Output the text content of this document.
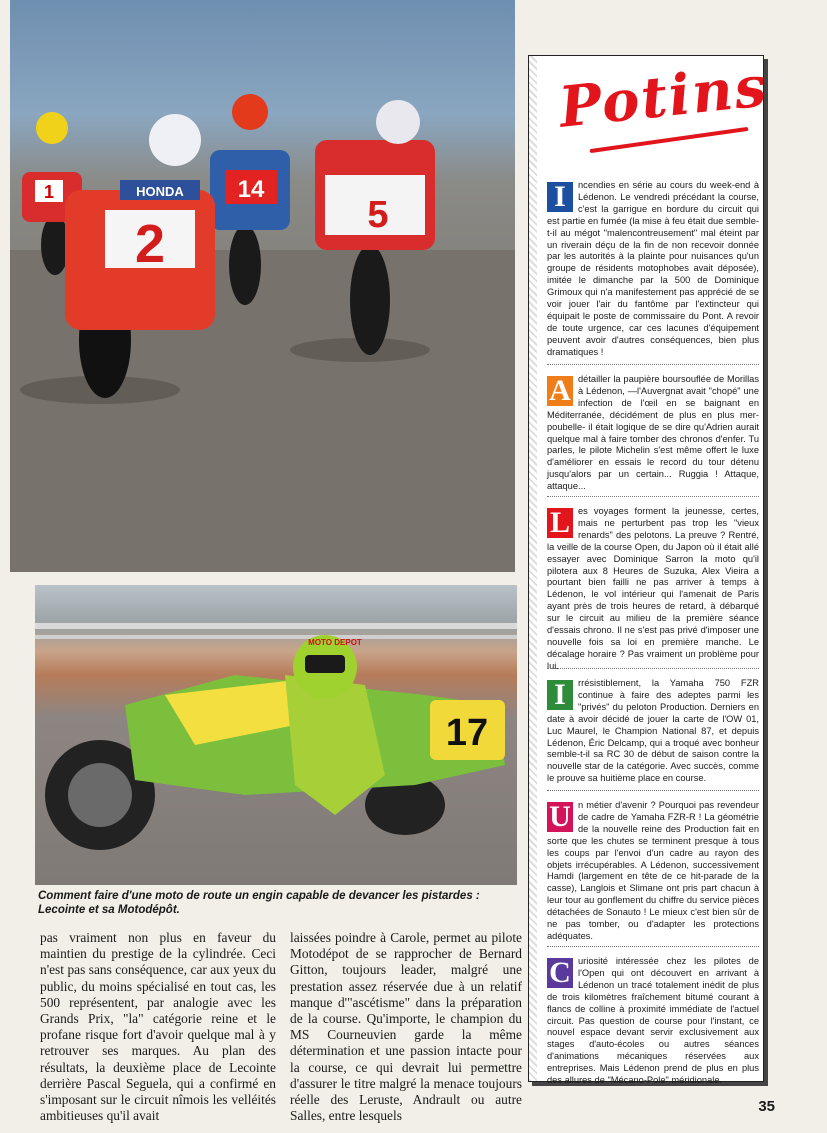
1	14
5
HONDA
2
17
MOTO DEPOT
Comment faire d'une moto de route un engin capable de devancer les pistardes : Lecointe et sa Motodépôt.
pas vraiment non plus en faveur du maintien du prestige de la cylindrée. Ceci n'est pas sans conséquence, car aux yeux du public, du moins spécialisé en tout cas, les 500 représentent, par analogie avec les Grands Prix, "la" catégorie reine et le profane risque fort d'avoir quelque mal à y retrouver ses marques. Au plan des résultats, la deuxième place de Lecointe derrière Pascal Seguela, qui a confirmé en s'imposant sur le circuit nîmois les velléités ambitieuses qu'il avait
laissées poindre à Carole, permet au pilote Motodépot de se rapprocher de Bernard Gitton, toujours leader, malgré une prestation assez réservée due à un relatif manque d'"ascétisme" dans la préparation de la course. Qu'importe, le champion du MS Courneuvien garde la même détermination et une passion intacte pour la course, ce qui devrait lui permettre d'assurer le titre malgré la menace toujours réelle des Leruste, Andrault ou autre Salles, entre lesquels
Potins

I	ncendies en série au cours du week-end à Lédenon. Le vendredi précédant la course, c'est la garrigue en bordure du circuit qui est partie en fumée (la mise à feu était due semble-t-il au mégot "malencontreusement" mal éteint par un riverain déçu de la fin de non recevoir donnée par les autorités à la plainte pour nuisances qu'un groupe de résidents motophobes avait déposée), imitée le dimanche par la 500 de Dominique Grimoux qui n'a manifestement pas apprécié de se voir jouer l'air du fantôme par l'extincteur qui équipait le poste de commissaire du Pont. A revoir de toute urgence, car ces lacunes d'équipement peuvent avoir d'autres conséquences, bien plus dramatiques !

A détailler la paupière boursouflée de Morillas à Lédenon, —l'Auvergnat avait "chopé" une infection de l'œil en se baignant en Méditerranée, décidément de plus en plus mer-poubelle- il était logique de se dire qu'Adrien aurait quelque mal à faire tomber des chronos d'enfer. Tu parles, le pilote Michelin s'est même offert le luxe d'améliorer en essais le record du tour détenu jusqu'alors par un certain... Ruggia ! Attaque, attaque...

L es voyages forment la jeunesse, certes, mais ne perturbent pas trop les "vieux renards" des pelotons. La preuve ? Rentré, la veille de la course Open, du Japon où il était allé essayer avec Dominique Sarron la moto qu'il pilotera aux 8 Heures de Suzuka, Alex Vieira a pourtant bien failli ne pas arriver à temps à Lédenon, le vol intérieur qui l'amenait de Paris ayant près de trois heures de retard, à débarqué sur le circuit au milieu de la première séance d'essais chrono. Il ne s'est pas privé d'imposer une nouvelle fois sa loi en première manche. Le décalage horaire ? Pas vraiment un problème pour lui.

I	rrésistiblement, la Yamaha 750 FZR continue à faire des adeptes parmi les "privés" du peloton Production. Derniers en date à avoir décidé de jouer la carte de l'OW 01, Luc Maurel, le Champion National 87, et depuis Lédenon, Éric Delcamp, qui a troqué avec bonheur semble-t-il sa RC 30 de début de saison contre la nouvelle star de la catégorie. Avec succès, comme le prouve sa huitième place en course.

U n métier d'avenir ? Pourquoi pas revendeur de cadre de Yamaha FZR-R ! La géométrie de la nouvelle reine des Production fait en sorte que les chutes se terminent presque à tous les coups par l'envoi d'un cadre au rayon des objets irrécupérables. A Lédenon, successivement Hamdi (largement en tête de ce hit-parade de la casse), Langlois et Slimane ont pris part chacun à leur tour au gonflement du chiffre du service pièces détachées de Sonauto ! Le mieux c'est bien sûr de ne pas tomber, ou d'adapter les protections adéquates.

C uriosité intéressée chez les pilotes de l'Open qui ont découvert en arrivant à Lédenon un tracé totalement inédit de plus de trois kilomètres fraîchement bitumé courant à flancs de colline à proximité immédiate de l'actuel circuit. Pas question de course pour l'instant, ce nouvel espace devant servir exclusivement aux stages d'auto-écoles ou autres séances d'animations mécaniques réservées aux entreprises. Mais Lédenon prend de plus en plus des allures de "Mécano-Pole" méridionale.

35
